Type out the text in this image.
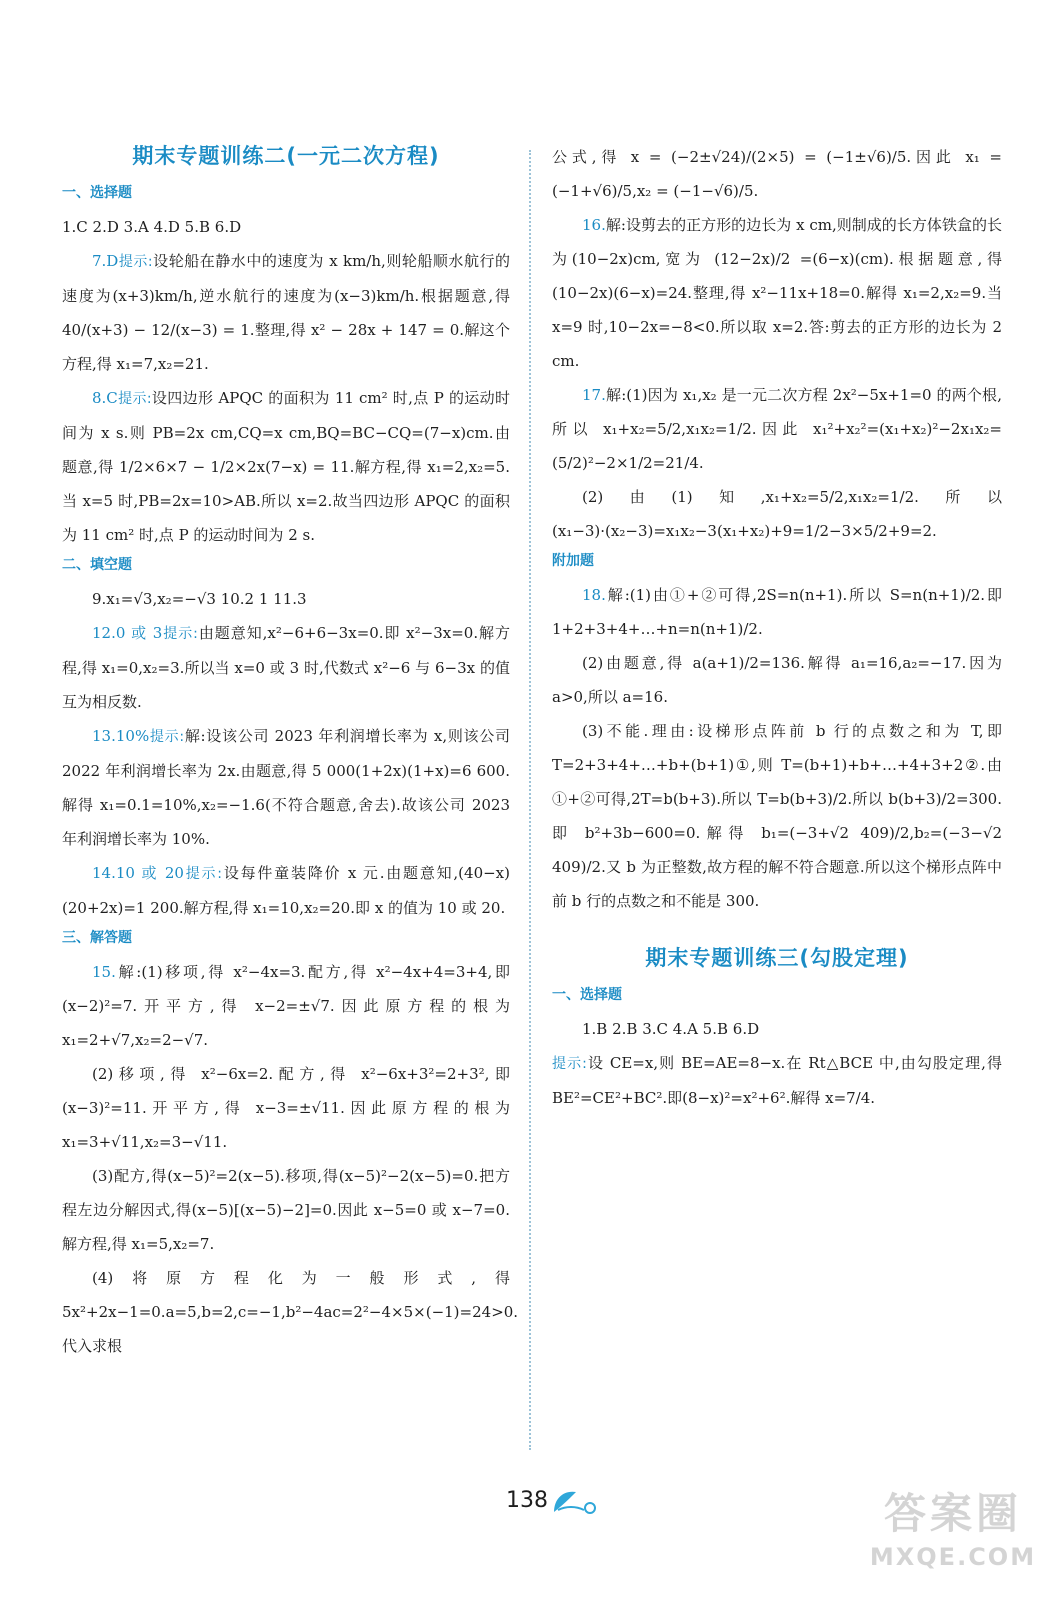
期末专题训练二(一元二次方程)
一、选择题

1.C 2.D 3.A 4.D 5.B 6.D

7.D提示:设轮船在静水中的速度为 x km/h,则轮船顺水航行的速度为(x+3)km/h,逆水航行的速度为(x−3)km/h.根据题意,得 40/(x+3) − 12/(x−3) = 1.整理,得 x² − 28x + 147 = 0.解这个方程,得 x₁=7,x₂=21.

8.C提示:设四边形 APQC 的面积为 11 cm² 时,点 P 的运动时间为 x s.则 PB=2x cm,CQ=x cm,BQ=BC−CQ=(7−x)cm.由题意,得 1/2×6×7 − 1/2×2x(7−x) = 11.解方程,得 x₁=2,x₂=5.当 x=5 时,PB=2x=10>AB.所以 x=2.故当四边形 APQC 的面积为 11 cm² 时,点 P 的运动时间为 2 s.

二、填空题

9.x₁=√3,x₂=−√3 10.2 1 11.3

12.0 或 3提示:由题意知,x²−6+6−3x=0.即 x²−3x=0.解方程,得 x₁=0,x₂=3.所以当 x=0 或 3 时,代数式 x²−6 与 6−3x 的值互为相反数.

13.10%提示:解:设该公司 2023 年利润增长率为 x,则该公司 2022 年利润增长率为 2x.由题意,得 5 000(1+2x)(1+x)=6 600.解得 x₁=0.1=10%,x₂=−1.6(不符合题意,舍去).故该公司 2023 年利润增长率为 10%.

14.10 或 20提示:设每件童装降价 x 元.由题意知,(40−x)(20+2x)=1 200.解方程,得 x₁=10,x₂=20.即 x 的值为 10 或 20.

三、解答题

15.解:(1)移项,得 x²−4x=3.配方,得 x²−4x+4=3+4,即(x−2)²=7.开平方,得 x−2=±√7.因此原方程的根为 x₁=2+√7,x₂=2−√7.

(2)移项,得 x²−6x=2.配方,得 x²−6x+3²=2+3²,即(x−3)²=11.开平方,得 x−3=±√11.因此原方程的根为 x₁=3+√11,x₂=3−√11.

(3)配方,得(x−5)²=2(x−5).移项,得(x−5)²−2(x−5)=0.把方程左边分解因式,得(x−5)[(x−5)−2]=0.因此 x−5=0 或 x−7=0.解方程,得 x₁=5,x₂=7.

(4)将原方程化为一般形式,得 5x²+2x−1=0.a=5,b=2,c=−1,b²−4ac=2²−4×5×(−1)=24>0.代入求根

公式,得 x = (−2±√24)/(2×5) = (−1±√6)/5.因此 x₁ = (−1+√6)/5,x₂ = (−1−√6)/5.

16.解:设剪去的正方形的边长为 x cm,则制成的长方体铁盒的长为(10−2x)cm,宽为 (12−2x)/2 =(6−x)(cm).根据题意,得(10−2x)(6−x)=24.整理,得 x²−11x+18=0.解得 x₁=2,x₂=9.当 x=9 时,10−2x=−8<0.所以取 x=2.答:剪去的正方形的边长为 2 cm.

17.解:(1)因为 x₁,x₂ 是一元二次方程 2x²−5x+1=0 的两个根,所以 x₁+x₂=5/2,x₁x₂=1/2.因此 x₁²+x₂²=(x₁+x₂)²−2x₁x₂=(5/2)²−2×1/2=21/4.

(2)由(1)知,x₁+x₂=5/2,x₁x₂=1/2.所以(x₁−3)·(x₂−3)=x₁x₂−3(x₁+x₂)+9=1/2−3×5/2+9=2.

附加题

18.解:(1)由①+②可得,2S=n(n+1).所以 S=n(n+1)/2.即 1+2+3+4+…+n=n(n+1)/2.

(2)由题意,得 a(a+1)/2=136.解得 a₁=16,a₂=−17.因为 a>0,所以 a=16.

(3)不能.理由:设梯形点阵前 b 行的点数之和为 T,即 T=2+3+4+…+b+(b+1)①,则 T=(b+1)+b+…+4+3+2②.由①+②可得,2T=b(b+3).所以 T=b(b+3)/2.所以 b(b+3)/2=300.即 b²+3b−600=0.解得 b₁=(−3+√2 409)/2,b₂=(−3−√2 409)/2.又 b 为正整数,故方程的解不符合题意.所以这个梯形点阵中前 b 行的点数之和不能是 300.

期末专题训练三(勾股定理)
一、选择题

1.B 2.B 3.C 4.A 5.B 6.D

提示:设 CE=x,则 BE=AE=8−x.在 Rt△BCE 中,由勾股定理,得 BE²=CE²+BC².即(8−x)²=x²+6².解得 x=7/4.

138	答案圈
MXQE.COM
